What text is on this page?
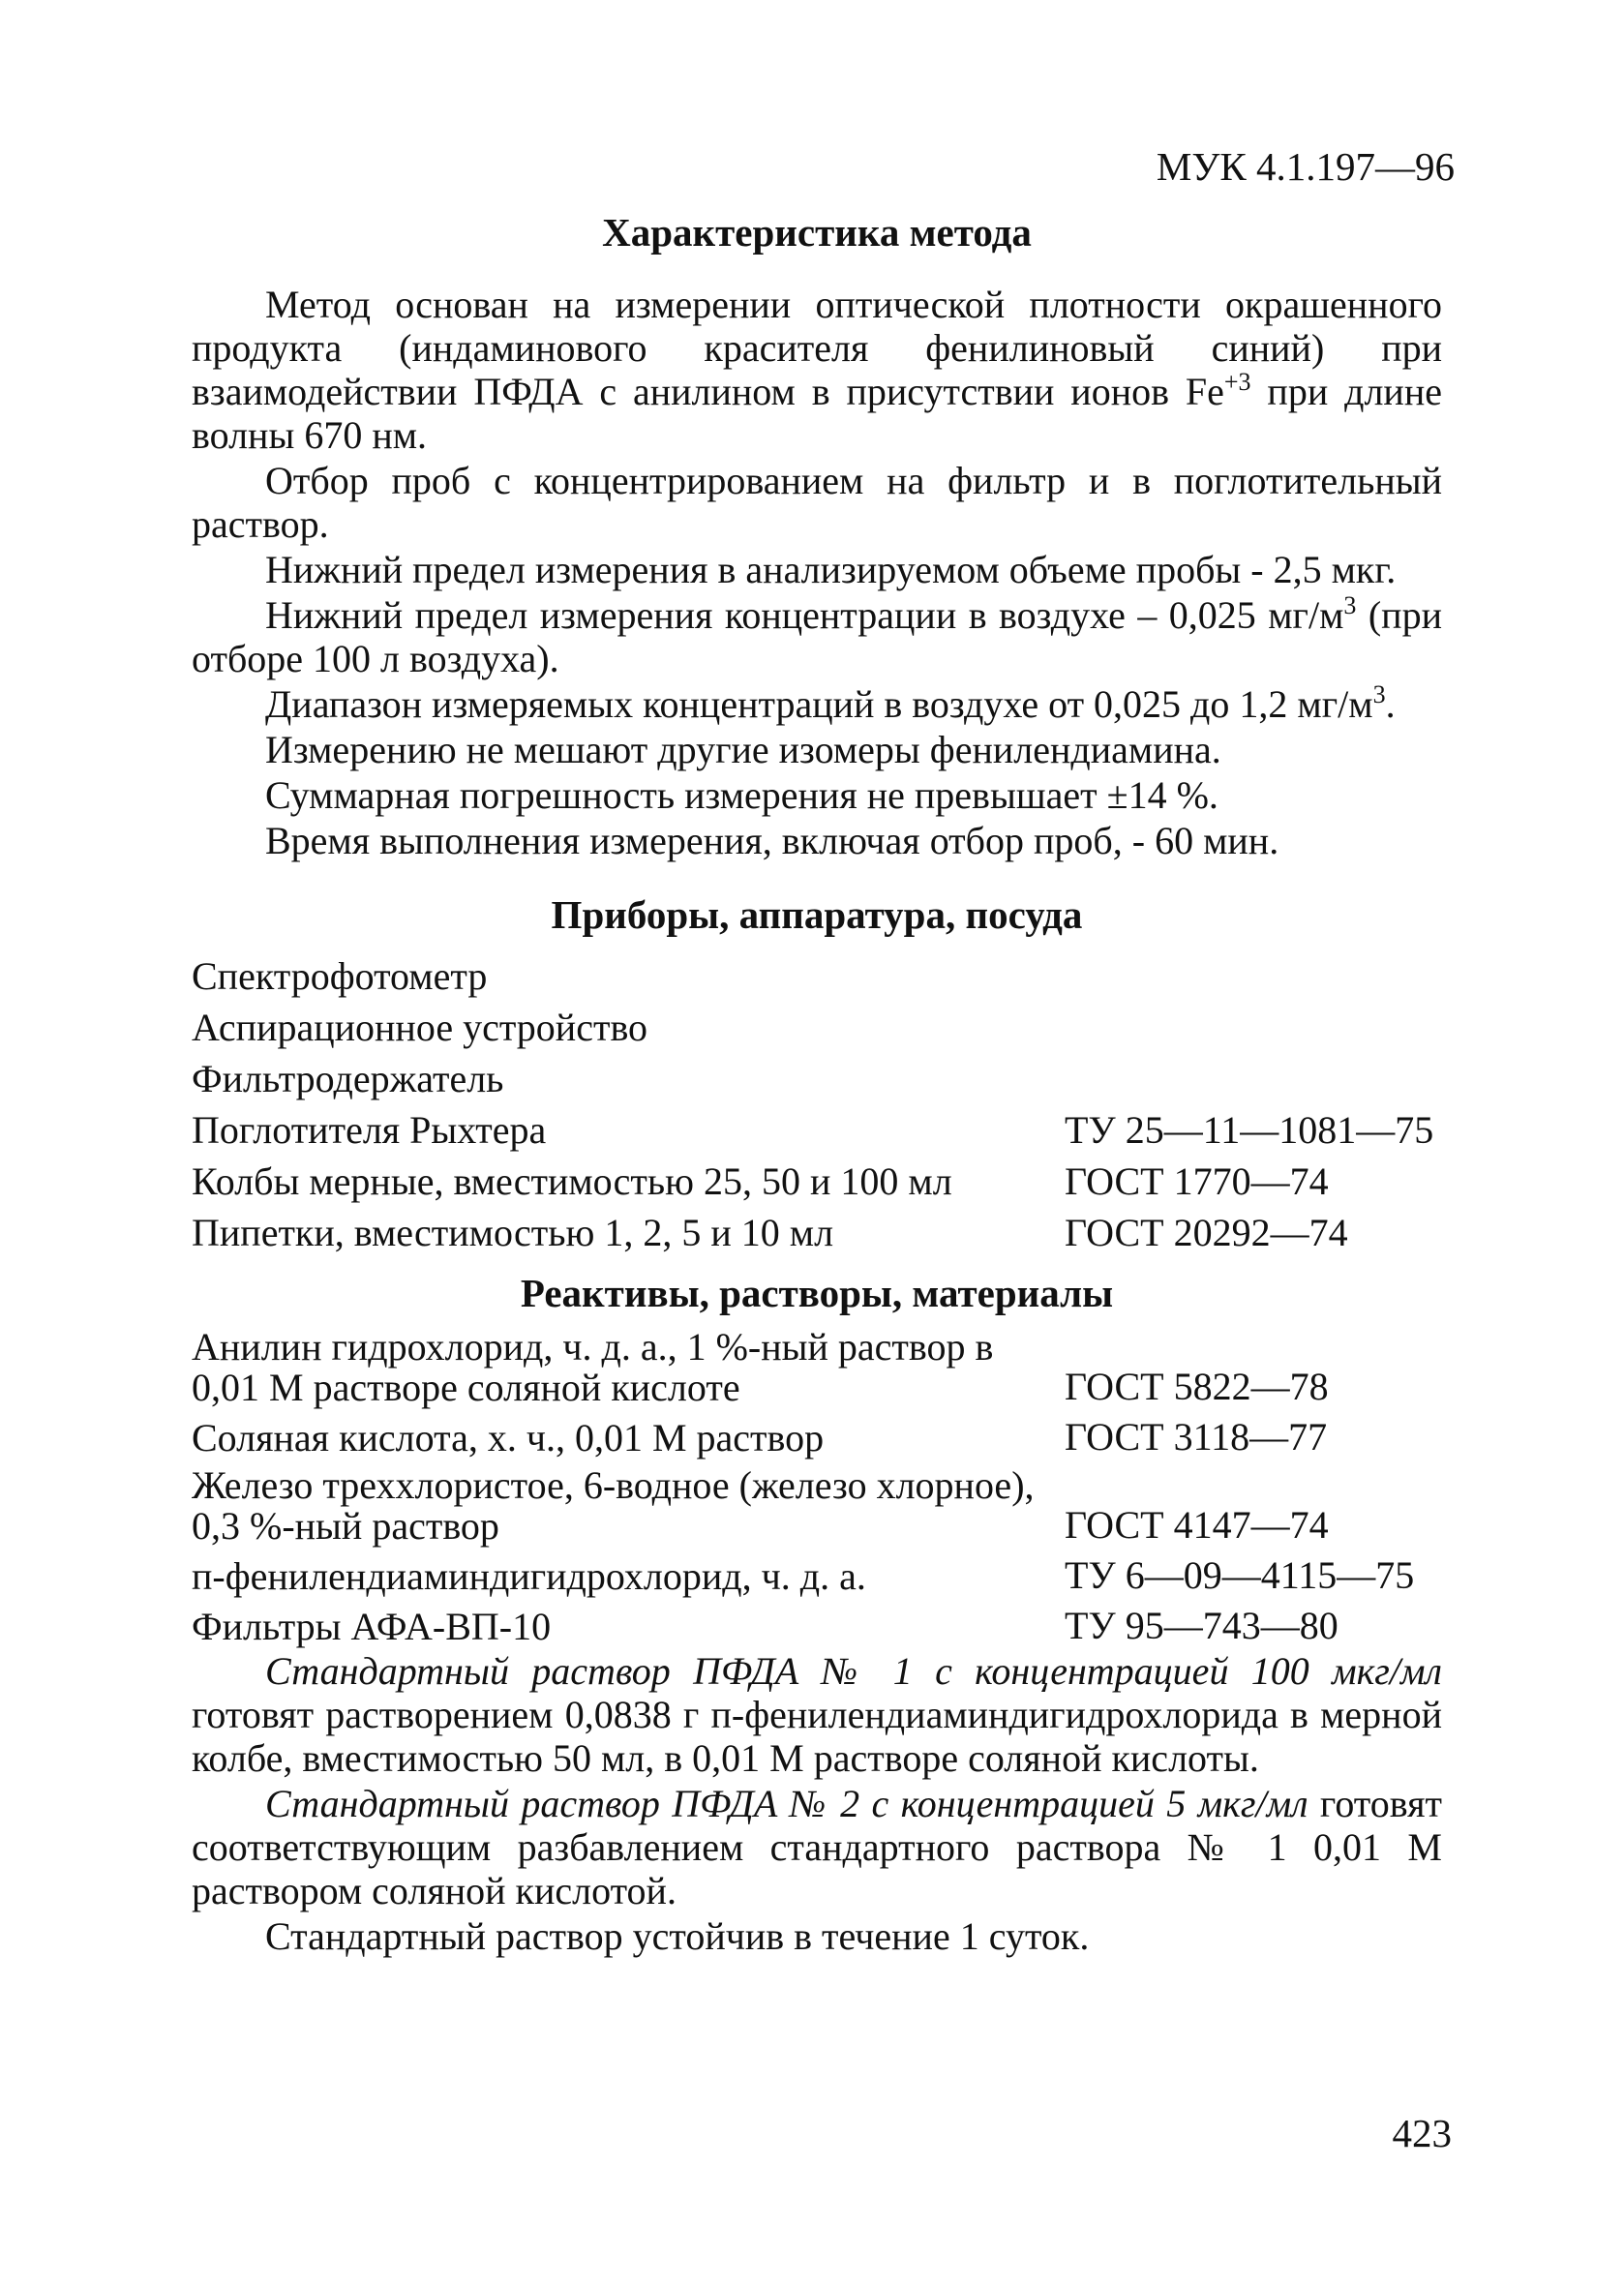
МУК 4.1.197—96
Характеристика метода

Метод основан на измерении оптической плотности окрашенного продукта (индаминового красителя фенилиновый синий) при взаимодействии ПФДА с анилином в присутствии ионов $Fe^{+3}$ при длине волны 670 нм.

Отбор проб с концентрированием на фильтр и в поглотительный раствор.

Нижний предел измерения в анализируемом объеме пробы - 2,5 мкг.

Нижний предел измерения концентрации в воздухе – 0,025 $мг/м^3$ (при отборе 100 л воздуха).

Диапазон измеряемых концентраций в воздухе от 0,025 до 1,2 $мг/м^3$.

Измерению не мешают другие изомеры фенилендиамина.

Суммарная погрешность измерения не превышает ±14 %.

Время выполнения измерения, включая отбор проб, - 60 мин.

Приборы, аппаратура, посуда
Спектрофотометр
Аспирационное устройство
Фильтродержатель
Поглотителя Рыхтера	ТУ 25—11—1081—75
Колбы мерные, вместимостью 25, 50 и 100 мл	ГОСТ 1770—74
Пипетки, вместимостью 1, 2, 5 и 10 мл	ГОСТ 20292—74
Реактивы, растворы, материалы
Анилин гидрохлорид, ч. д. а., 1 %-ный раствор в 0,01 М растворе соляной кислоте	ГОСТ 5822—78
Соляная кислота, х. ч., 0,01 М раствор	ГОСТ 3118—77
Железо треххлористое, 6-водное (железо хлорное), 0,3 %-ный раствор	ГОСТ 4147—74
п-фенилендиаминдигидрохлорид, ч. д. а.	ТУ 6—09—4115—75
Фильтры АФА-ВП-10	ТУ 95—743—80

Стандартный раствор ПФДА № 1 с концентрацией 100 мкг/мл готовят растворением 0,0838 г п-фенилендиаминдигидрохлорида в мерной колбе, вместимостью 50 мл, в 0,01 М растворе соляной кислоты.

Стандартный раствор ПФДА № 2 с концентрацией 5 мкг/мл готовят соответствующим разбавлением стандартного раствора № 1 0,01 М раствором соляной кислотой.

Стандартный раствор устойчив в течение 1 суток.

423
